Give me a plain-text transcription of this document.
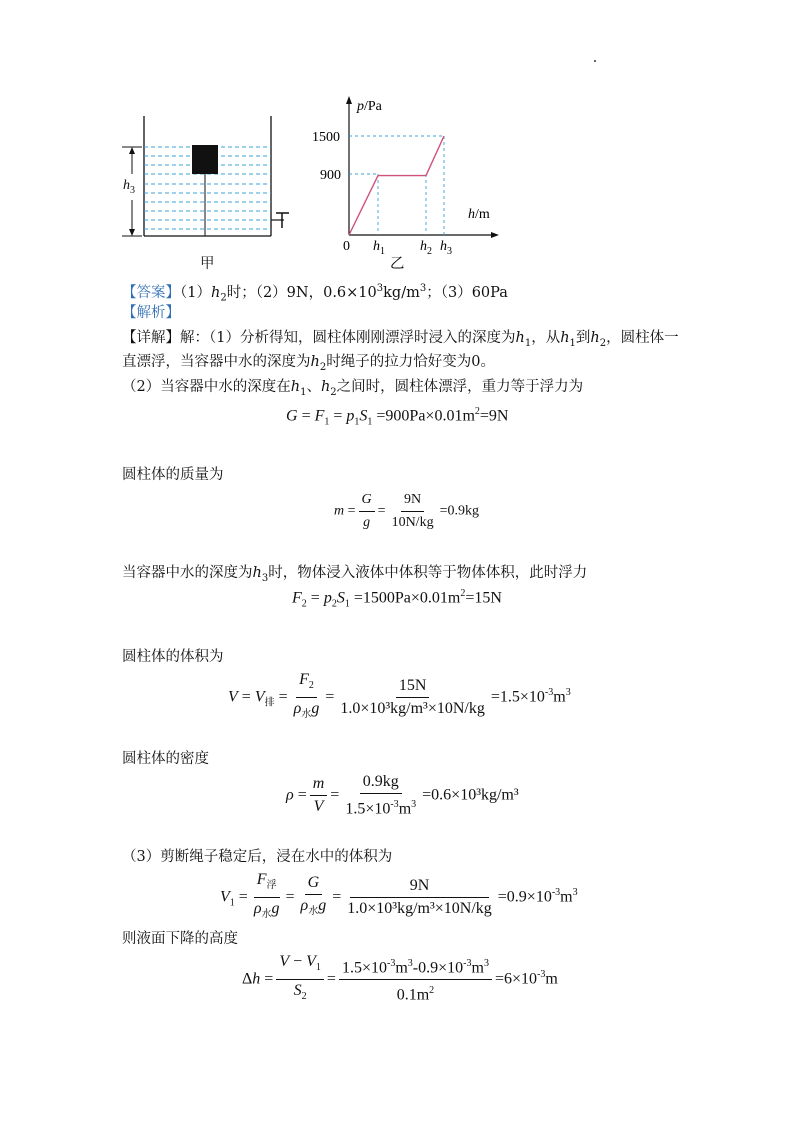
$h_3$
甲
p/Pa
h/m
1500
900
0 $h_1$	$h_2$ $h_3$
乙
【答案】$(1)h_2$时；（2）9N，$0.6\times 10^3kg/m^3$；（3）60Pa
【解析】
【详解】解：（1）分析得知，圆柱体刚刚漂浮时浸入的深度为$h_1$，从$h_1$到$h_2$，圆柱体一
直漂浮，当容器中水的深度为$h_2$时绳子的拉力恰好变为0。
（2）当容器中水的深度在$h_1$、$h_2$之间时，圆柱体漂浮，重力等于浮力为
$G = F_1 = p_1S_1 =900Pa\times 0.01m^2=9N$
圆柱体的质量为
$m = \frac{G}{g} = \frac{9N}{10N/kg} =0.9kg$
当容器中水的深度为$h_3$时，物体浸入液体中体积等于物体体积，此时浮力
$F_2 = p_2S_1 =1500Pa\times 0.01m^2=15N$
圆柱体的体积为
$V = V_排 = \frac{F_2}{\rho_水g} = \frac{15N}{\text{1.0×10³kg/m³×10N/kg}} =1.5\times 10^{-3}m^3$
圆柱体的密度
$\rho = \frac{m}{V} = \frac{0.9kg}{1.5\times 10^{-3}m^3} =0.6\times 10^3kg/m^3$
（3）剪断绳子稳定后，浸在水中的体积为
$V_1 = \frac{F_浮}{\rho_水g} = \frac{G}{\rho_水g} = \frac{9N}{\text{1.0×10³kg/m³×10N/kg}} =0.9\times 10^{-3}m^3$
则液面下降的高度
$\Delta h = \frac{V - V_1}{S_2} = \frac{1.5\times 10^{-3}m^3-0.9\times 10^{-3}m^3}{0.1m^2} =6\times 10^{-3}m$
